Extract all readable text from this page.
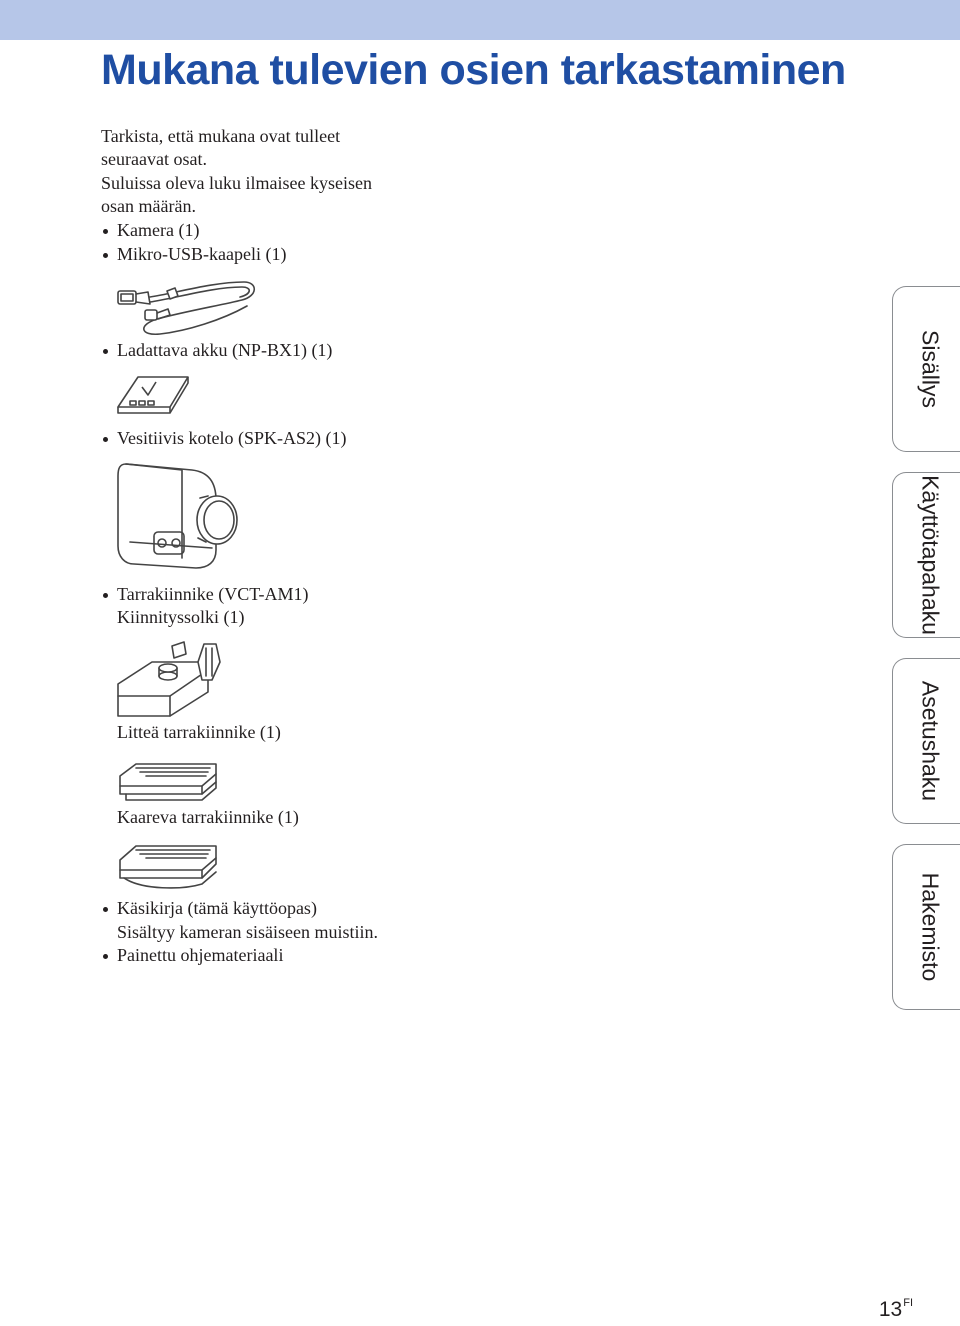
Mukana tulevien osien tarkastaminen
Tarkista, että mukana ovat tulleet
seuraavat osat.
Suluissa oleva luku ilmaisee kyseisen
osan määrän.
Kamera (1)
Mikro-USB-kaapeli (1)
Ladattava akku (NP-BX1) (1)
Vesitiivis kotelo (SPK-AS2) (1)
Tarrakiinnike (VCT-AM1)
Kiinnityssolki (1)
Litteä tarrakiinnike (1)
Kaareva tarrakiinnike (1)
Käsikirja (tämä käyttöopas)
Sisältyy kameran sisäiseen muistiin.
Painettu ohjemateriaali
Sisällys
Käyttötapahaku
Asetushaku
Hakemisto
$13^{FI}$
